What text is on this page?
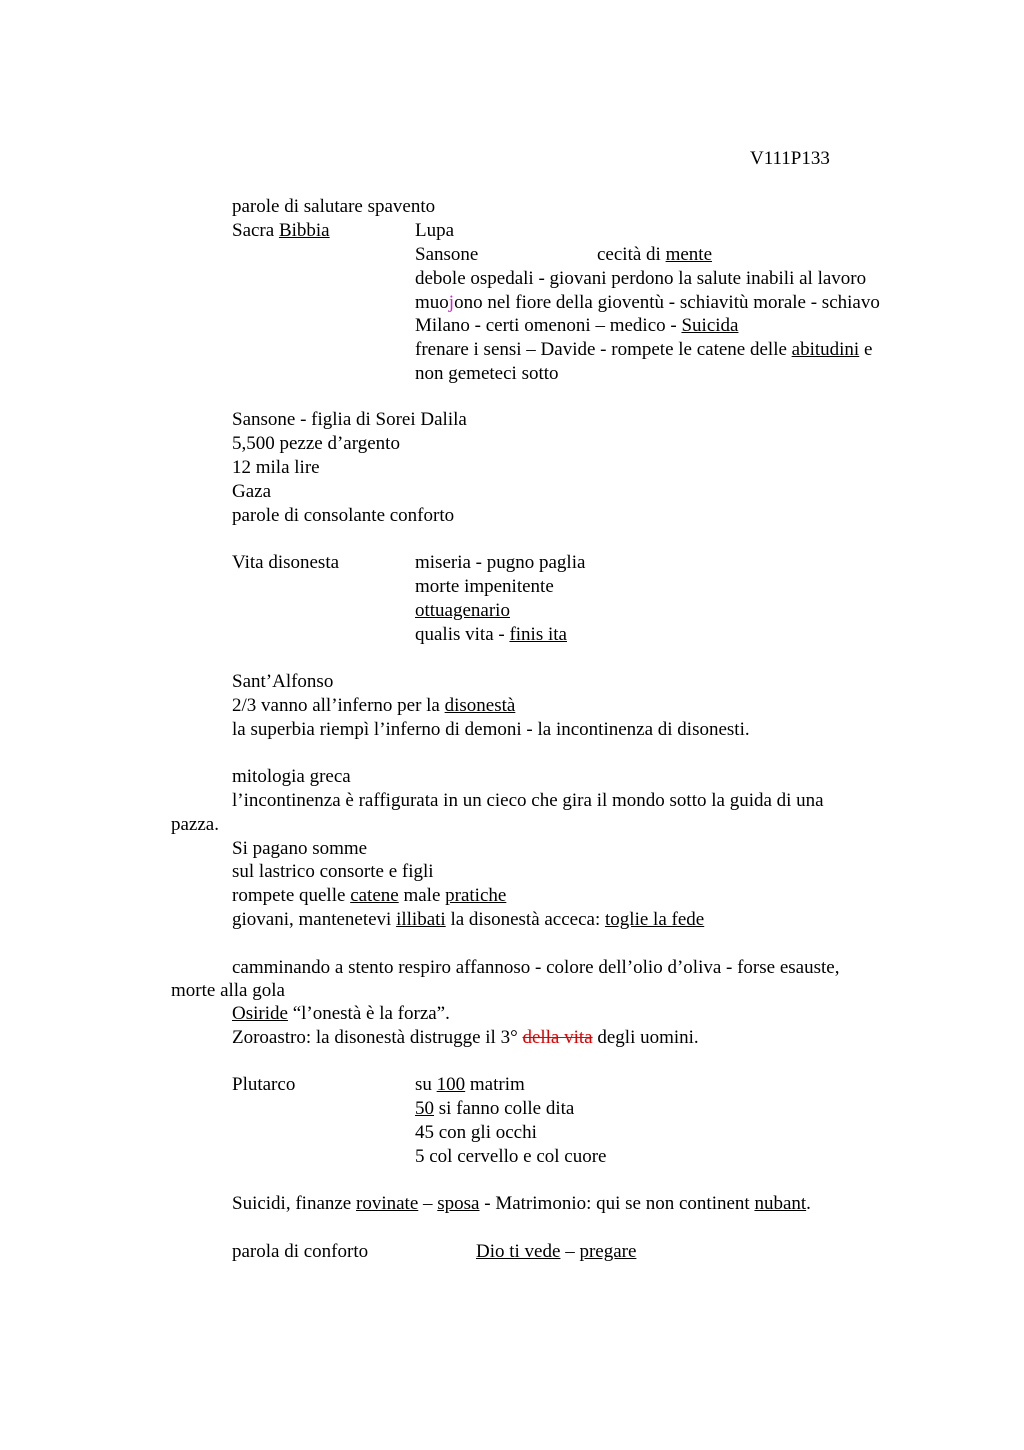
V111P133
parole di salutare spavento
Sacra Bibbia	Lupa
Sansone	cecità di mente
debole ospedali - giovani perdono la salute inabili al lavoro
muojono nel fiore della gioventù - schiavitù morale - schiavo
Milano - certi omenoni – medico - Suicida
frenare i sensi – Davide - rompete le catene delle abitudini e
non gemeteci sotto
Sansone - figlia di Sorei Dalila
5,500 pezze d’argento
12 mila lire
Gaza
parole di consolante conforto
Vita disonesta	miseria - pugno paglia
morte impenitente
ottuagenario
qualis vita - finis ita
Sant’Alfonso
2/3 vanno all’inferno per la disonestà
la superbia riempì l’inferno di demoni - la incontinenza di disonesti.
mitologia greca
l’incontinenza è raffigurata in un cieco che gira il mondo sotto la guida di una
pazza.
Si pagano somme
sul lastrico consorte e figli
rompete quelle catene male pratiche
giovani, mantenetevi illibati la disonestà acceca: toglie la fede
camminando a stento respiro affannoso - colore dell’olio d’oliva - forse esauste,
morte alla gola
Osiride “l’onestà è la forza”.
Zoroastro: la disonestà distrugge il 3° della vita degli uomini.
Plutarco	su 100 matrim
50 si fanno colle dita
45 con gli occhi
5 col cervello e col cuore
Suicidi, finanze rovinate – sposa - Matrimonio: qui se non continent nubant.
parola di conforto	Dio ti vede – pregare
